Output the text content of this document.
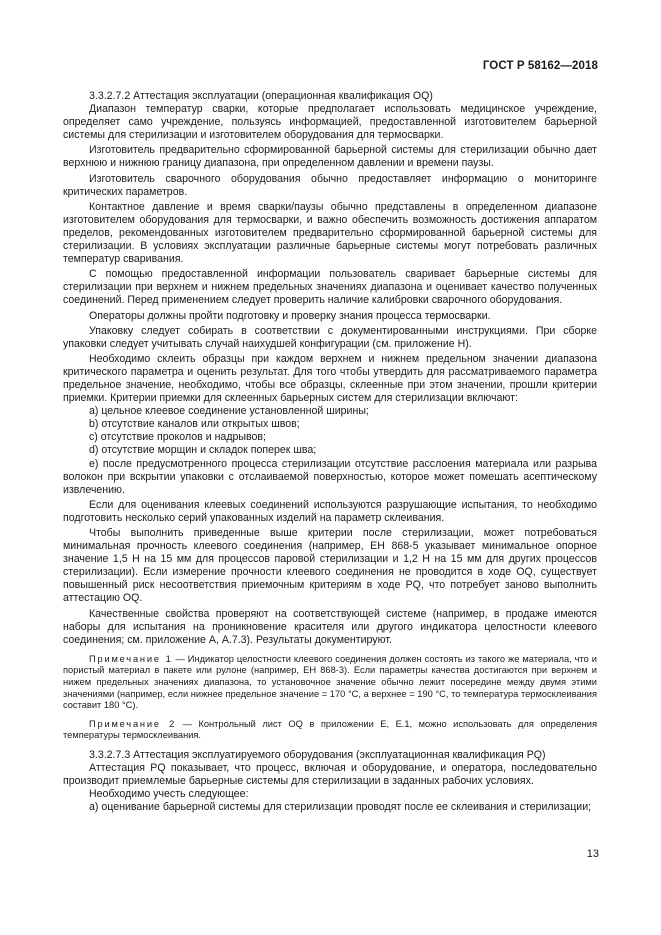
ГОСТ Р 58162—2018

3.3.2.7.2 Аттестация эксплуатации (операционная квалификация OQ)

Диапазон температур сварки, которые предполагает использовать медицинское учреждение, определяет само учреждение, пользуясь информацией, предоставленной изготовителем барьерной системы для стерилизации и изготовителем оборудования для термосварки.

Изготовитель предварительно сформированной барьерной системы для стерилизации обычно дает верхнюю и нижнюю границу диапазона, при определенном давлении и времени паузы.

Изготовитель сварочного оборудования обычно предоставляет информацию о мониторинге критических параметров.

Контактное давление и время сварки/паузы обычно представлены в определенном диапазоне изготовителем оборудования для термосварки, и важно обеспечить возможность достижения аппаратом пределов, рекомендованных изготовителем предварительно сформированной барьерной системы для стерилизации. В условиях эксплуатации различные барьерные системы могут потребовать различных температур сваривания.

С помощью предоставленной информации пользователь сваривает барьерные системы для стерилизации при верхнем и нижнем предельных значениях диапазона и оценивает качество полученных соединений. Перед применением следует проверить наличие калибровки сварочного оборудования.

Операторы должны пройти подготовку и проверку знания процесса термосварки.

Упаковку следует собирать в соответствии с документированными инструкциями. При сборке упаковки следует учитывать случай наихудшей конфигурации (см. приложение H).

Необходимо склеить образцы при каждом верхнем и нижнем предельном значении диапазона критического параметра и оценить результат. Для того чтобы утвердить для рассматриваемого параметра предельное значение, необходимо, чтобы все образцы, склеенные при этом значении, прошли критерии приемки. Критерии приемки для склеенных барьерных систем для стерилизации включают:

a) цельное клеевое соединение установленной ширины;

b) отсутствие каналов или открытых швов;

c) отсутствие проколов и надрывов;

d) отсутствие морщин и складок поперек шва;

e) после предусмотренного процесса стерилизации отсутствие расслоения материала или разрыва волокон при вскрытии упаковки с отслаиваемой поверхностью, которое может помешать асептическому извлечению.

Если для оценивания клеевых соединений используются разрушающие испытания, то необходимо подготовить несколько серий упакованных изделий на параметр склеивания.

Чтобы выполнить приведенные выше критерии после стерилизации, может потребоваться минимальная прочность клеевого соединения (например, ЕН 868-5 указывает минимальное опорное значение 1,5 Н на 15 мм для процессов паровой стерилизации и 1,2 Н на 15 мм для других процессов стерилизации). Если измерение прочности клеевого соединения не проводится в ходе OQ, существует повышенный риск несоответствия приемочным критериям в ходе PQ, что потребует заново выполнить аттестацию OQ.

Качественные свойства проверяют на соответствующей системе (например, в продаже имеются наборы для испытания на проникновение красителя или другого индикатора целостности клеевого соединения; см. приложение А, А.7.3). Результаты документируют.

Примечание 1 — Индикатор целостности клеевого соединения должен состоять из такого же материала, что и пористый материал в пакете или рулоне (например, ЕН 868-3). Если параметры качества достигаются при верхнем и нижем предельных значениях диапазона, то установочное значение обычно лежит посередине между двумя этими значениями (например, если нижнее предельное значение = 170 °С, а верхнее = 190 °С, то температура термосклеивания составит 180 °С).

Примечание 2 — Контрольный лист OQ в приложении Е, Е.1, можно использовать для определения температуры термосклеивания.

3.3.2.7.3 Аттестация эксплуатируемого оборудования (эксплуатационная квалификация PQ)

Аттестация PQ показывает, что процесс, включая и оборудование, и оператора, последовательно производит приемлемые барьерные системы для стерилизации в заданных рабочих условиях.

Необходимо учесть следующее:

a) оценивание барьерной системы для стерилизации проводят после ее склеивания и стерилизации;

13
